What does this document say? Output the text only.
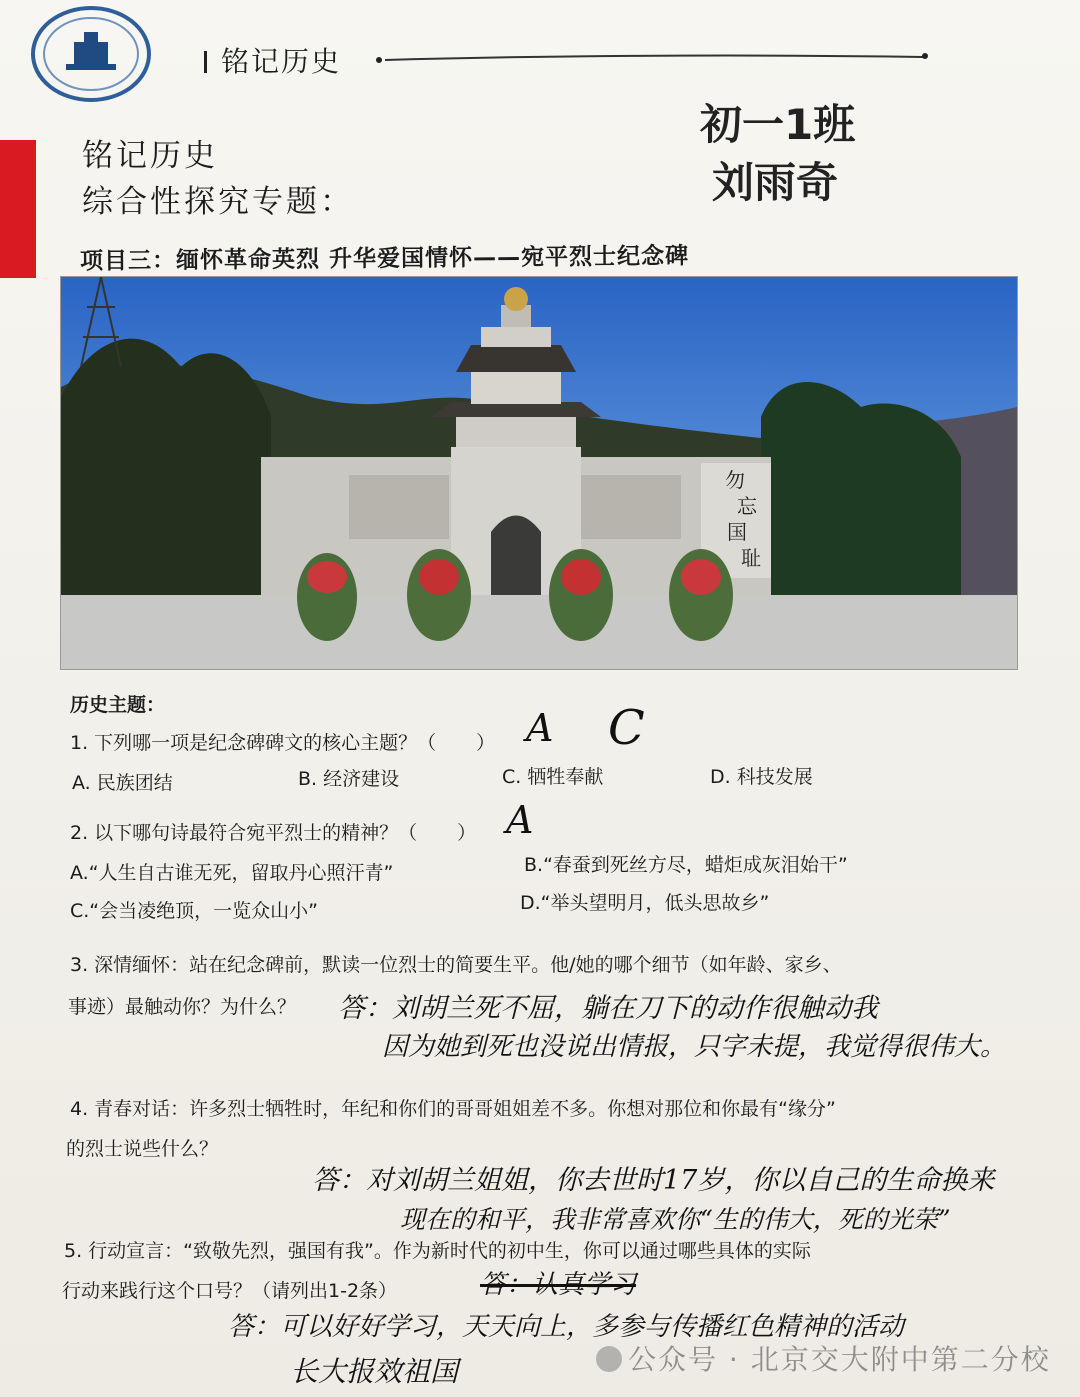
铭记历史
初一1班
刘雨奇
铭记历史
综合性探究专题：
项目三：缅怀革命英烈 升华爱国情怀——宛平烈士纪念碑
勿
忘
国
耻
历史主题：
1. 下列哪一项是纪念碑碑文的核心主题？（ ） A C
A. 民族团结	B. 经济建设	C. 牺牲奉献	D. 科技发展
2. 以下哪句诗最符合宛平烈士的精神？（ ） A
A.“人生自古谁无死，留取丹心照汗青”	B.“春蚕到死丝方尽，蜡炬成灰泪始干”
C.“会当凌绝顶，一览众山小”	D.“举头望明月，低头思故乡”
3. 深情缅怀：站在纪念碑前，默读一位烈士的简要生平。他/她的哪个细节（如年龄、家乡、
事迹）最触动你？为什么？ 答：刘胡兰死不屈，躺在刀下的动作很触动我
因为她到死也没说出情报，只字未提，我觉得很伟大。
4. 青春对话：许多烈士牺牲时，年纪和你们的哥哥姐姐差不多。你想对那位和你最有“缘分”
的烈士说些什么？
答：对刘胡兰姐姐，你去世时17岁，你以自己的生命换来
现在的和平，我非常喜欢你“生的伟大，死的光荣”
5. 行动宣言：“致敬先烈，强国有我”。作为新时代的初中生，你可以通过哪些具体的实际
行动来践行这个口号？（请列出1-2条）	答：认真学习
答：可以好好学习，天天向上，多参与传播红色精神的活动
长大报效祖国	公众号 · 北京交大附中第二分校
